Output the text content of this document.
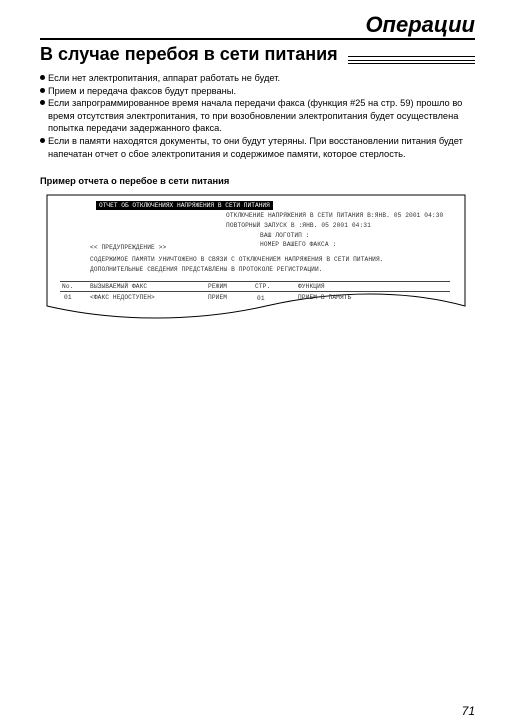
Операции
В случае перебоя в сети питания
Если нет электропитания, аппарат работать не будет.
Прием и передача факсов будут прерваны.
Если запрограммированное время начала передачи факса (функция #25 на стр. 59) прошло во время отсутствия электропитания, то при возобновлении электропитания будет осуществлена попытка передачи задержанного факса.
Если в памяти находятся документы, то они будут утеряны. При восстановлении питания будет напечатан отчет о сбое электропитания и содержимое памяти, которое стерлость.
Пример отчета о перебое в сети питания
ОТЧЕТ ОБ ОТКЛЮЧЕНИЯХ НАПРЯЖЕНИЯ В СЕТИ ПИТАНИЯ
ОТКЛЮЧЕНИЕ НАПРЯЖЕНИЯ В СЕТИ ПИТАНИЯ В:ЯНВ. 05 2001 04:30
ПОВТОРНЫЙ ЗАПУСК В :ЯНВ. 05 2001 04:31
ВАШ ЛОГОТИП :
НОМЕР ВАШЕГО ФАКСА :
<< ПРЕДУПРЕЖДЕНИЕ >>
СОДЕРЖИМОЕ ПАМЯТИ УНИЧТОЖЕНО В СВЯЗИ С ОТКЛЮЧЕНИЕМ НАПРЯЖЕНИЯ В СЕТИ ПИТАНИЯ.
ДОПОЛНИТЕЛЬНЫЕ СВЕДЕНИЯ ПРЕДСТАВЛЕНЫ В ПРОТОКОЛЕ РЕГИСТРАЦИИ.
No.	ВЫЗЫВАЕМЫЙ ФАКС	РЕЖИМ	СТР.	ФУНКЦИЯ
01	<ФАКС НЕДОСТУПЕН>	ПРИЕМ	01	ПРИЕМ В ПАМЯТЬ
71
